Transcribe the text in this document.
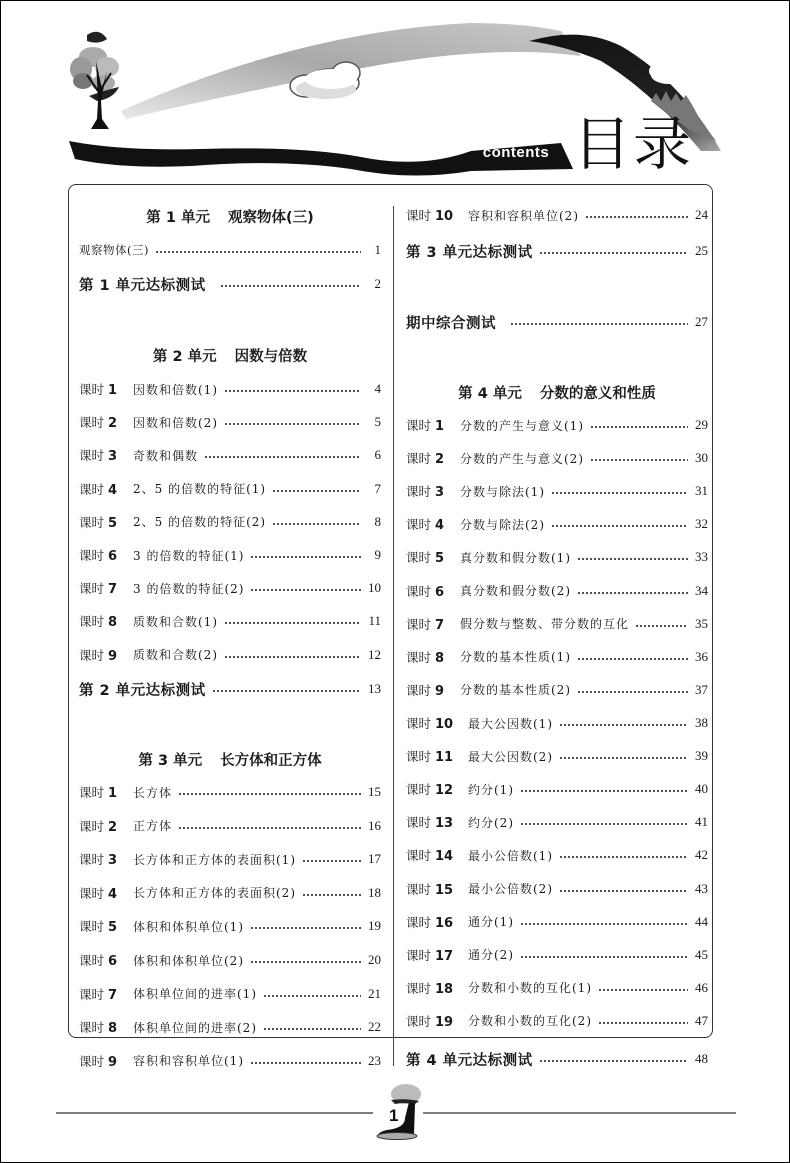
contents 目录
第 1 单元 观察物体(三)
观察物体(三)	1
第 1 单元达标测试	2
第 2 单元 因数与倍数
课时 1	因数和倍数(1)	4
课时 2	因数和倍数(2)	5
课时 3	奇数和偶数	6
课时 4	2、5 的倍数的特征(1)	7
课时 5	2、5 的倍数的特征(2)	8
课时 6	3 的倍数的特征(1)	9
课时 7	3 的倍数的特征(2)	10
课时 8	质数和合数(1)	11
课时 9	质数和合数(2)	12
第 2 单元达标测试	13
第 3 单元 长方体和正方体
课时 1	长方体	15
课时 2	正方体	16
课时 3	长方体和正方体的表面积(1)	17
课时 4	长方体和正方体的表面积(2)	18
课时 5	体积和体积单位(1)	19
课时 6	体积和体积单位(2)	20
课时 7	体积单位间的进率(1)	21
课时 8	体积单位间的进率(2)	22
课时 9	容积和容积单位(1)	23
课时 10	容积和容积单位(2)	24
第 3 单元达标测试	25
期中综合测试	27
第 4 单元 分数的意义和性质
课时 1	分数的产生与意义(1)	29
课时 2	分数的产生与意义(2)	30
课时 3	分数与除法(1)	31
课时 4	分数与除法(2)	32
课时 5	真分数和假分数(1)	33
课时 6	真分数和假分数(2)	34
课时 7	假分数与整数、带分数的互化	35
课时 8	分数的基本性质(1)	36
课时 9	分数的基本性质(2)	37
课时 10	最大公因数(1)	38
课时 11	最大公因数(2)	39
课时 12	约分(1)	40
课时 13	约分(2)	41
课时 14	最小公倍数(1)	42
课时 15	最小公倍数(2)	43
课时 16	通分(1)	44
课时 17	通分(2)	45
课时 18	分数和小数的互化(1)	46
课时 19	分数和小数的互化(2)	47
第 4 单元达标测试	48
1
